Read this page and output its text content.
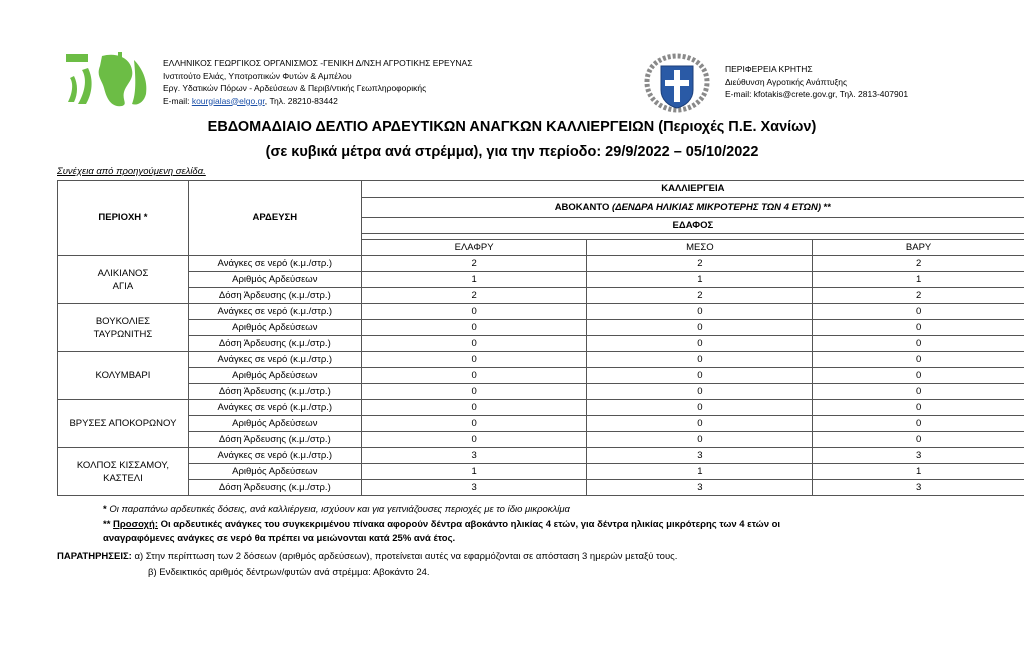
ΕΛΛΗΝΙΚΟΣ ΓΕΩΡΓΙΚΟΣ ΟΡΓΑΝΙΣΜΟΣ -ΓΕΝΙΚΗ Δ/ΝΣΗ ΑΓΡΟΤΙΚΗΣ ΕΡΕΥΝΑΣ
Ινστιτούτο Ελιάς, Υποτροπικών Φυτών & Αμπέλου
Εργ. Υδατικών Πόρων - Αρδεύσεων & Περιβ/ντικής Γεωπληροφορικής
E-mail: kourgialas@elgo.gr, Τηλ. 28210-83442
ΠΕΡΙΦΕΡΕΙΑ ΚΡΗΤΗΣ
Διεύθυνση Αγροτικής Ανάπτυξης
E-mail: kfotakis@crete.gov.gr, Τηλ. 2813-407901
ΕΒΔΟΜΑΔΙΑΙΟ ΔΕΛΤΙΟ ΑΡΔΕΥΤΙΚΩΝ ΑΝΑΓΚΩΝ ΚΑΛΛΙΕΡΓΕΙΩΝ (Περιοχές Π.Ε. Χανίων)
(σε κυβικά μέτρα ανά στρέμμα), για την περίοδο: 29/9/2022 – 05/10/2022
Συνέχεια από προηγούμενη σελίδα.
ΠΕΡΙΟΧΗ *	ΑΡΔΕΥΣΗ	ΚΑΛΛΙΕΡΓΕΙΑ		
		ΑΒΟΚΑΝΤΟ (ΔΕΝΔΡΑ ΗΛΙΚΙΑΣ ΜΙΚΡΟΤΕΡΗΣ ΤΩΝ 4 ΕΤΩΝ) **		
		ΕΔΑΦΟΣ		

		ΕΛΑΦΡΥ	ΜΕΣΟ	ΒΑΡΥ
ΑΛΙΚΙΑΝΟΣ
ΑΓΙΑ	Ανάγκες σε νερό (κ.μ./στρ.)	2	2	2
	Αριθμός Αρδεύσεων	1	1	1
	Δόση Άρδευσης (κ.μ./στρ.)	2	2	2
ΒΟΥΚΟΛΙΕΣ
ΤΑΥΡΩΝΙΤΗΣ	Ανάγκες σε νερό (κ.μ./στρ.)	0	0	0
	Αριθμός Αρδεύσεων	0	0	0
	Δόση Άρδευσης (κ.μ./στρ.)	0	0	0
ΚΟΛΥΜΒΑΡΙ	Ανάγκες σε νερό (κ.μ./στρ.)	0	0	0
	Αριθμός Αρδεύσεων	0	0	0
	Δόση Άρδευσης (κ.μ./στρ.)	0	0	0
ΒΡΥΣΕΣ ΑΠΟΚΟΡΩΝΟΥ	Ανάγκες σε νερό (κ.μ./στρ.)	0	0	0
	Αριθμός Αρδεύσεων	0	0	0
	Δόση Άρδευσης (κ.μ./στρ.)	0	0	0
ΚΟΛΠΟΣ ΚΙΣΣΑΜΟΥ,
ΚΑΣΤΕΛΙ	Ανάγκες σε νερό (κ.μ./στρ.)	3	3	3
	Αριθμός Αρδεύσεων	1	1	1
	Δόση Άρδευσης (κ.μ./στρ.)	3	3	3
* Οι παραπάνω αρδευτικές δόσεις, ανά καλλιέργεια, ισχύουν και για γειτνιάζουσες περιοχές με το ίδιο μικροκλίμα
** Προσοχή: Οι αρδευτικές ανάγκες του συγκεκριμένου πίνακα αφορούν δέντρα αβοκάντο ηλικίας 4 ετών, για δέντρα ηλικίας μικρότερης των 4 ετών οι
αναγραφόμενες ανάγκες σε νερό θα πρέπει να μειώνονται κατά 25% ανά έτος.
ΠΑΡΑΤΗΡΗΣΕΙΣ: α) Στην περίπτωση των 2 δόσεων (αριθμός αρδεύσεων), προτείνεται αυτές να εφαρμόζονται σε απόσταση 3 ημερών μεταξύ τους.
β) Ενδεικτικός αριθμός δέντρων/φυτών ανά στρέμμα: Αβοκάντο 24.
